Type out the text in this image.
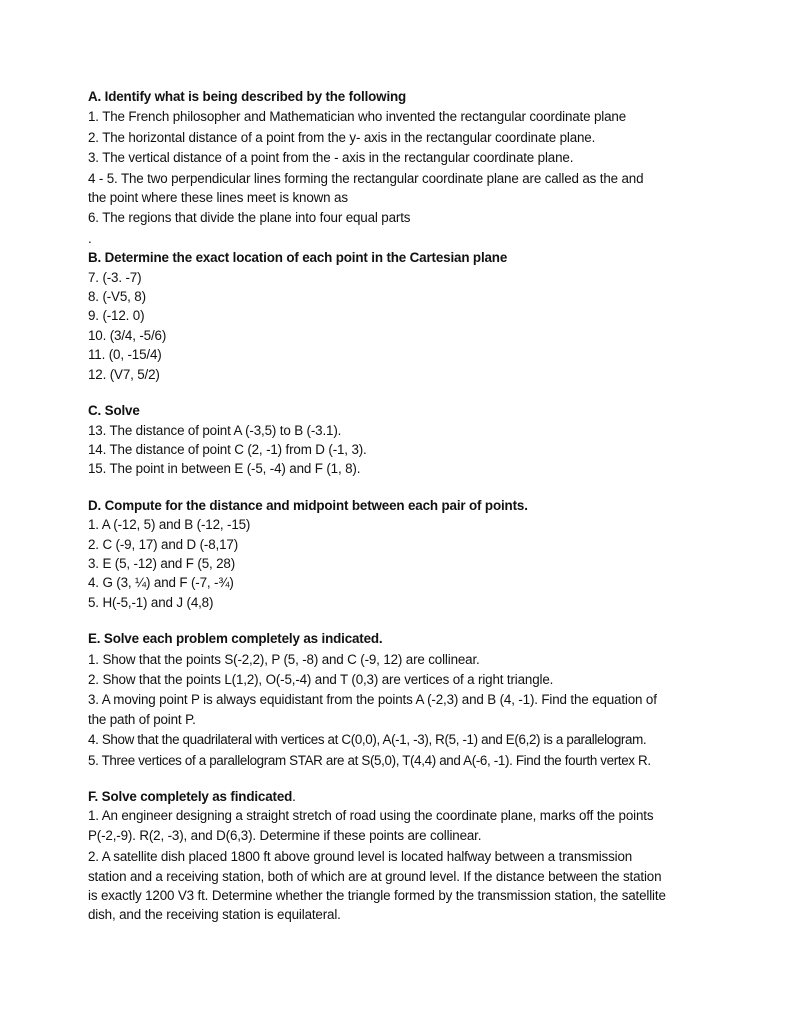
A. Identify what is being described by the following

1. The French philosopher and Mathematician who invented the rectangular coordinate plane

2. The horizontal distance of a point from the y- axis in the rectangular coordinate plane.

3. The vertical distance of a point from the - axis in the rectangular coordinate plane.

4 - 5. The two perpendicular lines forming the rectangular coordinate plane are called as the and the point where these lines meet is known as

6. The regions that divide the plane into four equal parts

.

B. Determine the exact location of each point in the Cartesian plane

7. (-3. -7)

8. (-V5, 8)

9. (-12. 0)

10. (3/4, -5/6)

11. (0, -15/4)

12. (V7, 5/2)

C. Solve

13. The distance of point A (-3,5) to B (-3.1).

14. The distance of point C (2, -1) from D (-1, 3).

15. The point in between E (-5, -4) and F (1, 8).

D. Compute for the distance and midpoint between each pair of points.

1. A (-12, 5) and B (-12, -15)

2. C (-9, 17) and D (-8,17)

3. E (5, -12) and F (5, 28)

4. G (3, ¼) and F (-7, -¾)

5. H(-5,-1) and J (4,8)

E. Solve each problem completely as indicated.

1. Show that the points S(-2,2), P (5, -8) and C (-9, 12) are collinear.

2. Show that the points L(1,2), O(-5,-4) and T (0,3) are vertices of a right triangle.

3. A moving point P is always equidistant from the points A (-2,3) and B (4, -1). Find the equation of the path of point P.

4. Show that the quadrilateral with vertices at C(0,0), A(-1, -3), R(5, -1) and E(6,2) is a parallelogram.

5. Three vertices of a parallelogram STAR are at S(5,0), T(4,4) and A(-6, -1). Find the fourth vertex R.

F. Solve completely as findicated.

1. An engineer designing a straight stretch of road using the coordinate plane, marks off the points P(-2,-9). R(2, -3), and D(6,3). Determine if these points are collinear.

2. A satellite dish placed 1800 ft above ground level is located halfway between a transmission station and a receiving station, both of which are at ground level. If the distance between the station is exactly 1200 V3 ft. Determine whether the triangle formed by the transmission station, the satellite dish, and the receiving station is equilateral.
